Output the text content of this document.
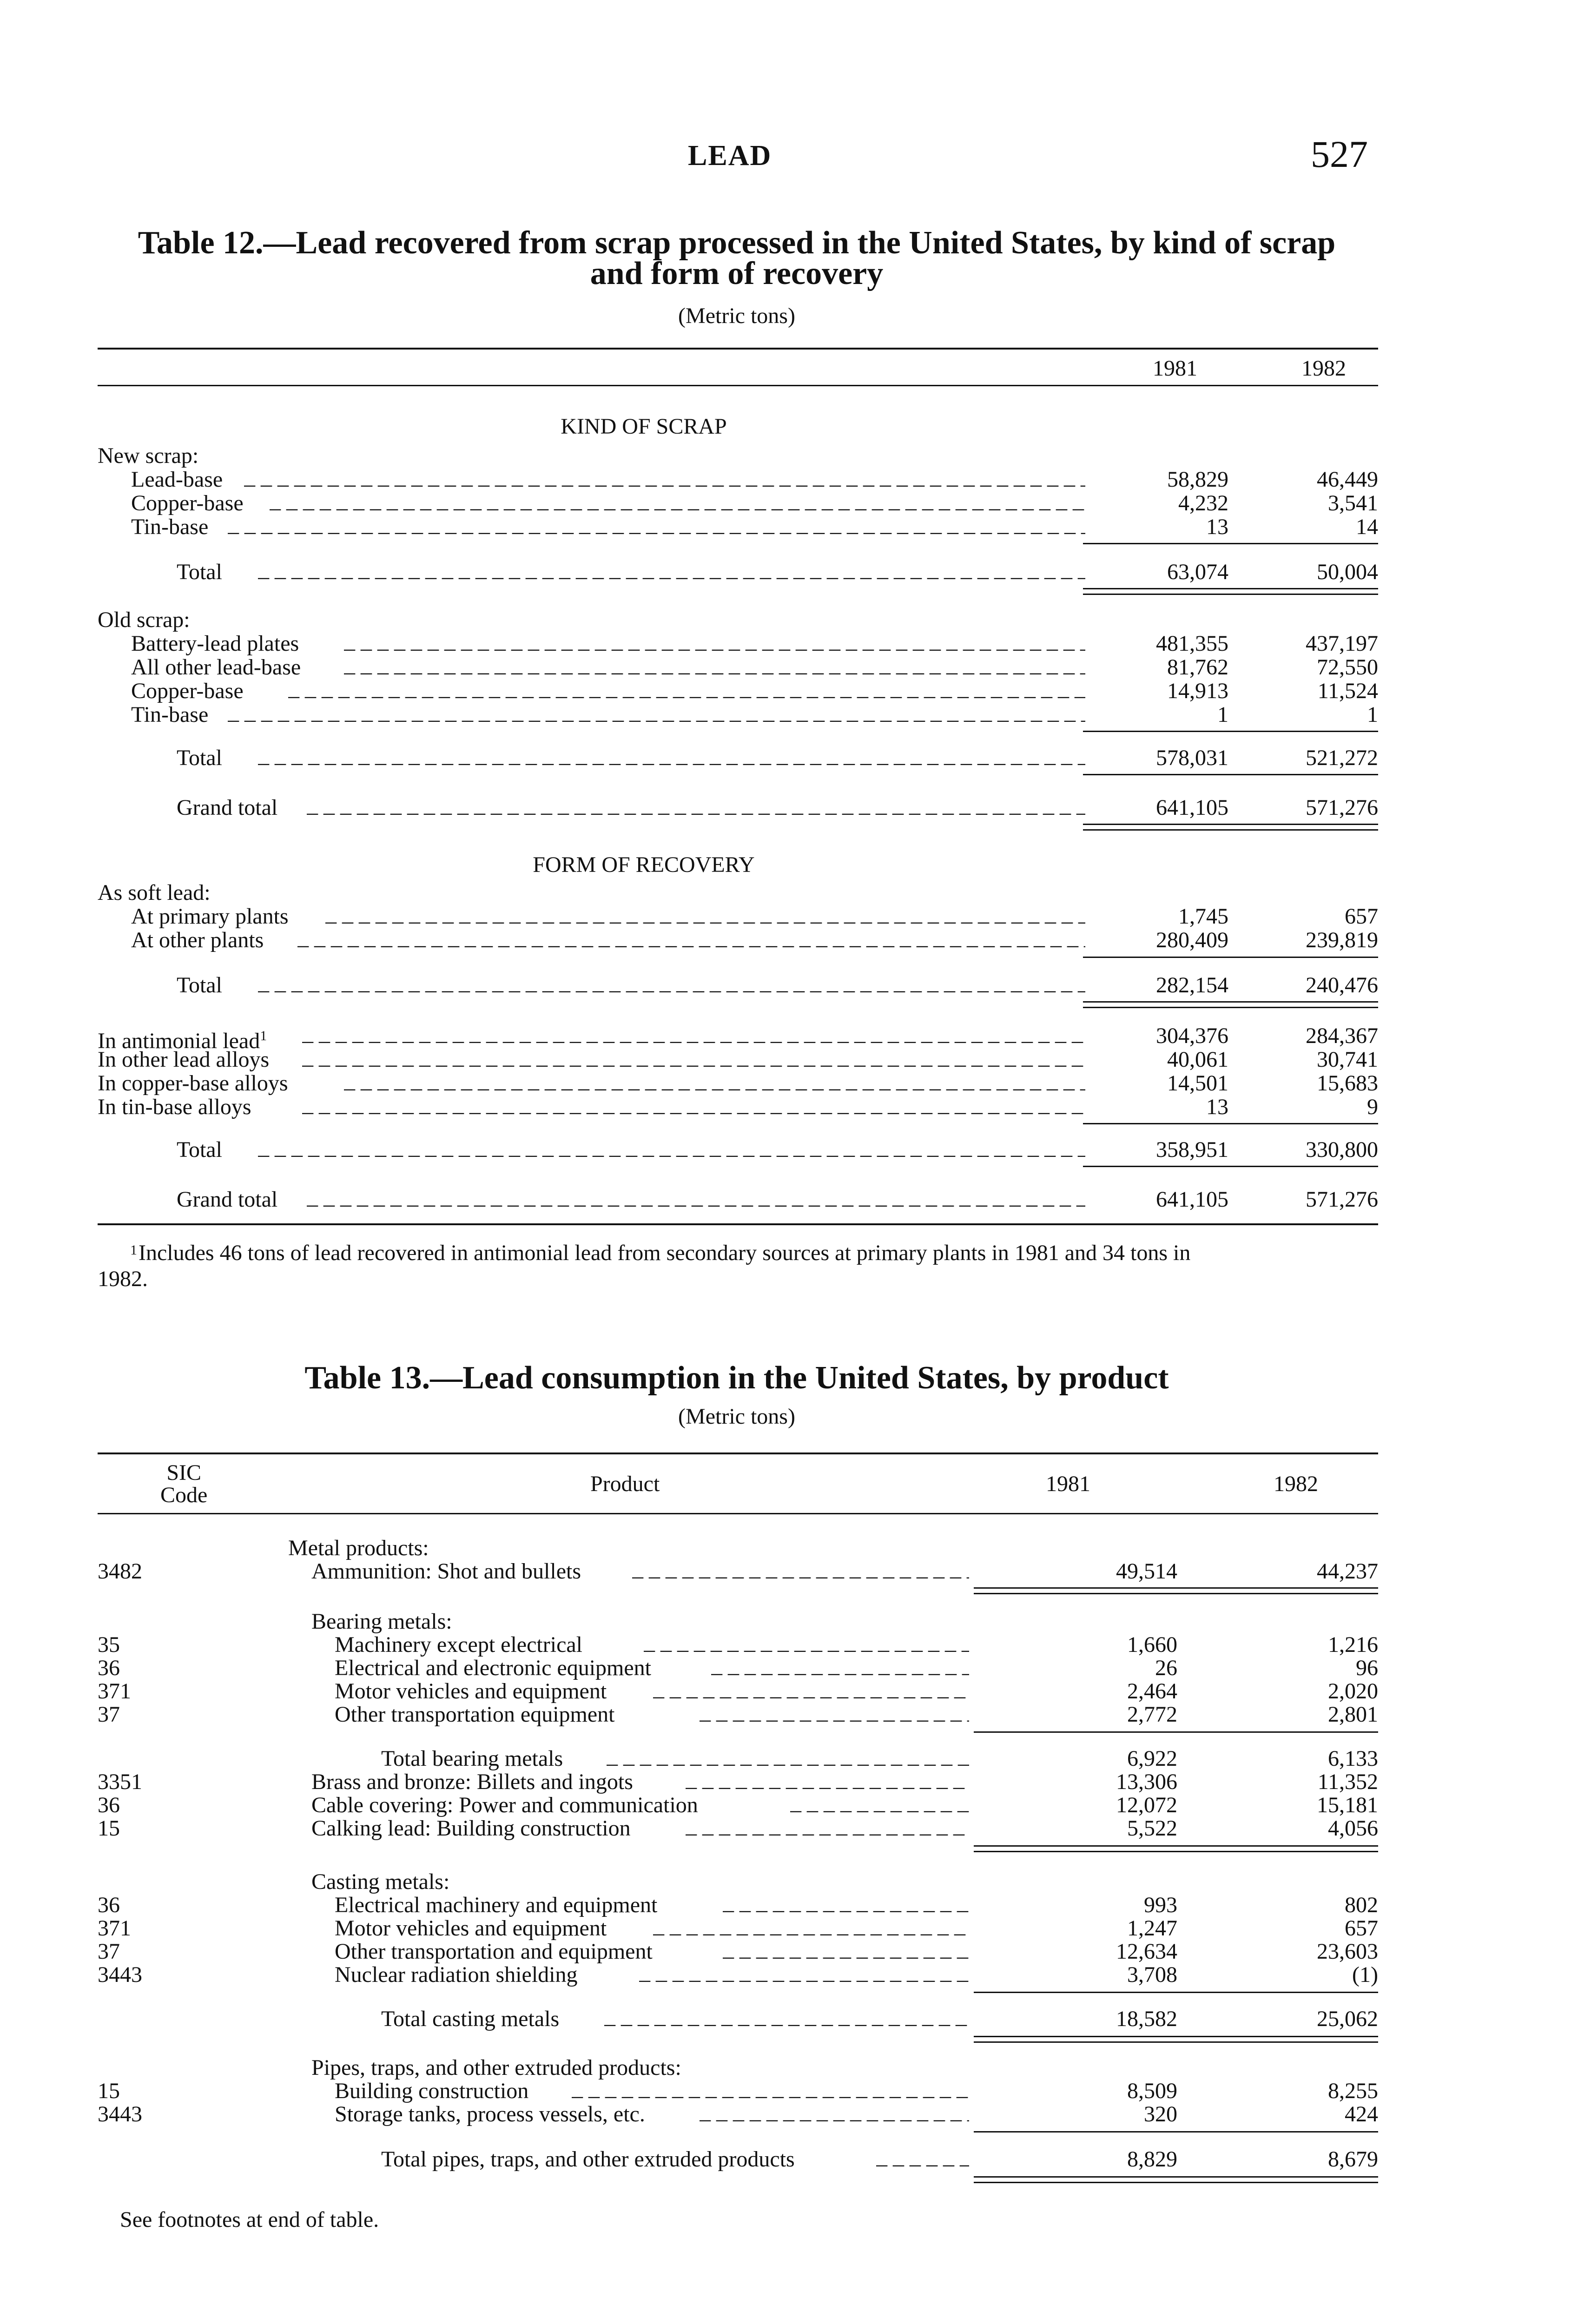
LEAD	527
Table 12.—Lead recovered from scrap processed in the United States, by kind of scrap
and form of recovery
(Metric tons)
1981	1982
KIND OF SCRAP
New scrap:
Lead-base _ _ _	58,829	46,449
Copper-base _ _ _	4,232	3,541
Tin-base _ _ _	13	14
Total _ _ _	63,074	50,004
Old scrap:
Battery-lead plates _ _ _	481,355	437,197
All other lead-base _ _ _	81,762	72,550
Copper-base _ _ _	14,913	11,524
Tin-base _ _ _	1	1
Total _ _ _	578,031	521,272
Grand total _ _ _	641,105	571,276
FORM OF RECOVERY
As soft lead:
At primary plants _ _ _	1,745	657
At other plants _ _ _	280,409	239,819
Total _ _ _	282,154	240,476
In antimonial lead$^1$ _ _ _	304,376	284,367
In other lead alloys _ _ _	40,061	30,741
In copper-base alloys _ _ _	14,501	15,683
In tin-base alloys _ _ _	13	9
Total _ _ _	358,951	330,800
Grand total _ _ _	641,105	571,276
1 Includes 46 tons of lead recovered in antimonial lead from secondary sources at primary plants in 1981 and 34 tons in
1982.
Table 13.—Lead consumption in the United States, by product
(Metric tons)
SIC
Code	Product	1981	1982
Metal products:
3482	Ammunition: Shot and bullets _ _ _	49,514	44,237
Bearing metals:
35	Machinery except electrical _ _ _	1,660	1,216
36	Electrical and electronic equipment _ _ _	26	96
371	Motor vehicles and equipment _ _ _	2,464	2,020
37	Other transportation equipment _ _ _	2,772	2,801
Total bearing metals _ _ _	6,922	6,133
3351	Brass and bronze: Billets and ingots _ _ _	13,306	11,352
36	Cable covering: Power and communication _ _ _	12,072	15,181
15	Calking lead: Building construction _ _ _	5,522	4,056
Casting metals:
36	Electrical machinery and equipment _ _ _	993	802
371	Motor vehicles and equipment _ _ _	1,247	657
37	Other transportation and equipment _ _ _	12,634	23,603
3443	Nuclear radiation shielding _ _ _	3,708	(1)
Total casting metals _ _ _	18,582	25,062
Pipes, traps, and other extruded products:
15	Building construction _ _ _	8,509	8,255
3443	Storage tanks, process vessels, etc. _ _ _	320	424
Total pipes, traps, and other extruded products _ _ _	8,829	8,679
See footnotes at end of table.
